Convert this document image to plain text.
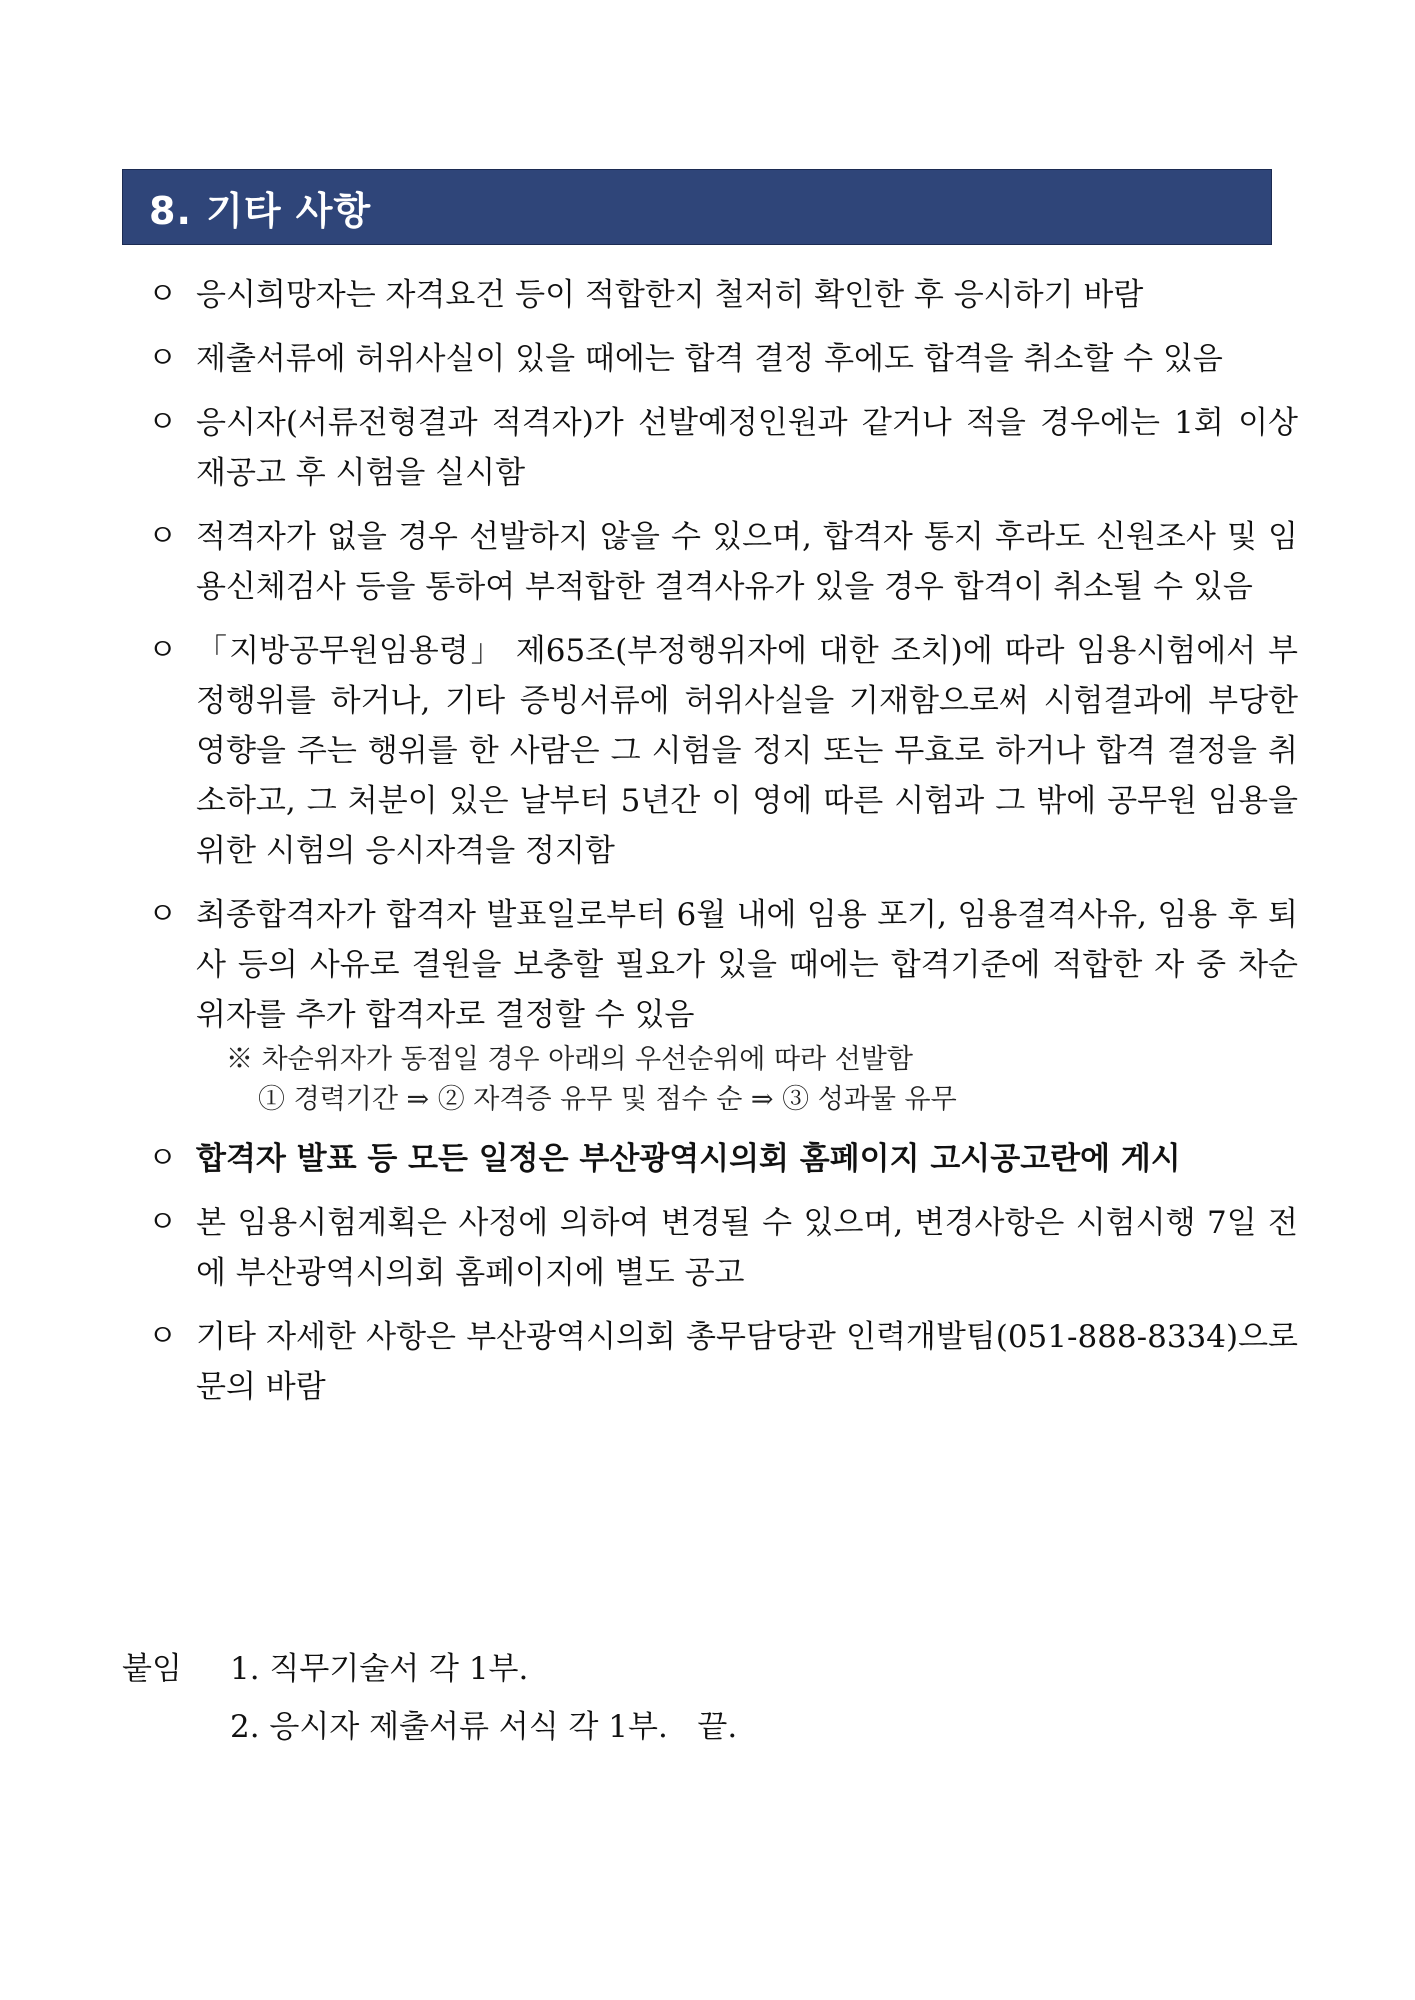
8. 기타 사항
ㅇ 응시희망자는 자격요건 등이 적합한지 철저히 확인한 후 응시하기 바람
ㅇ 제출서류에 허위사실이 있을 때에는 합격 결정 후에도 합격을 취소할 수 있음
ㅇ 응시자(서류전형결과 적격자)가 선발예정인원과 같거나 적을 경우에는 1회 이상 재공고 후 시험을 실시함
ㅇ 적격자가 없을 경우 선발하지 않을 수 있으며, 합격자 통지 후라도 신원조사 및 임용신체검사 등을 통하여 부적합한 결격사유가 있을 경우 합격이 취소될 수 있음
ㅇ 「지방공무원임용령」 제65조(부정행위자에 대한 조치)에 따라 임용시험에서 부정행위를 하거나, 기타 증빙서류에 허위사실을 기재함으로써 시험결과에 부당한 영향을 주는 행위를 한 사람은 그 시험을 정지 또는 무효로 하거나 합격 결정을 취소하고, 그 처분이 있은 날부터 5년간 이 영에 따른 시험과 그 밖에 공무원 임용을 위한 시험의 응시자격을 정지함
ㅇ 최종합격자가 합격자 발표일로부터 6월 내에 임용 포기, 임용결격사유, 임용 후 퇴사 등의 사유로 결원을 보충할 필요가 있을 때에는 합격기준에 적합한 자 중 차순위자를 추가 합격자로 결정할 수 있음
※ 차순위자가 동점일 경우 아래의 우선순위에 따라 선발함
① 경력기간 ⇒ ② 자격증 유무 및 점수 순 ⇒ ③ 성과물 유무
ㅇ 합격자 발표 등 모든 일정은 부산광역시의회 홈페이지 고시공고란에 게시
ㅇ 본 임용시험계획은 사정에 의하여 변경될 수 있으며, 변경사항은 시험시행 7일 전에 부산광역시의회 홈페이지에 별도 공고
ㅇ 기타 자세한 사항은 부산광역시의회 총무담당관 인력개발팀(051-888-8334)으로 문의 바람
붙임	1. 직무기술서 각 1부.
2. 응시자 제출서류 서식 각 1부.   끝.
